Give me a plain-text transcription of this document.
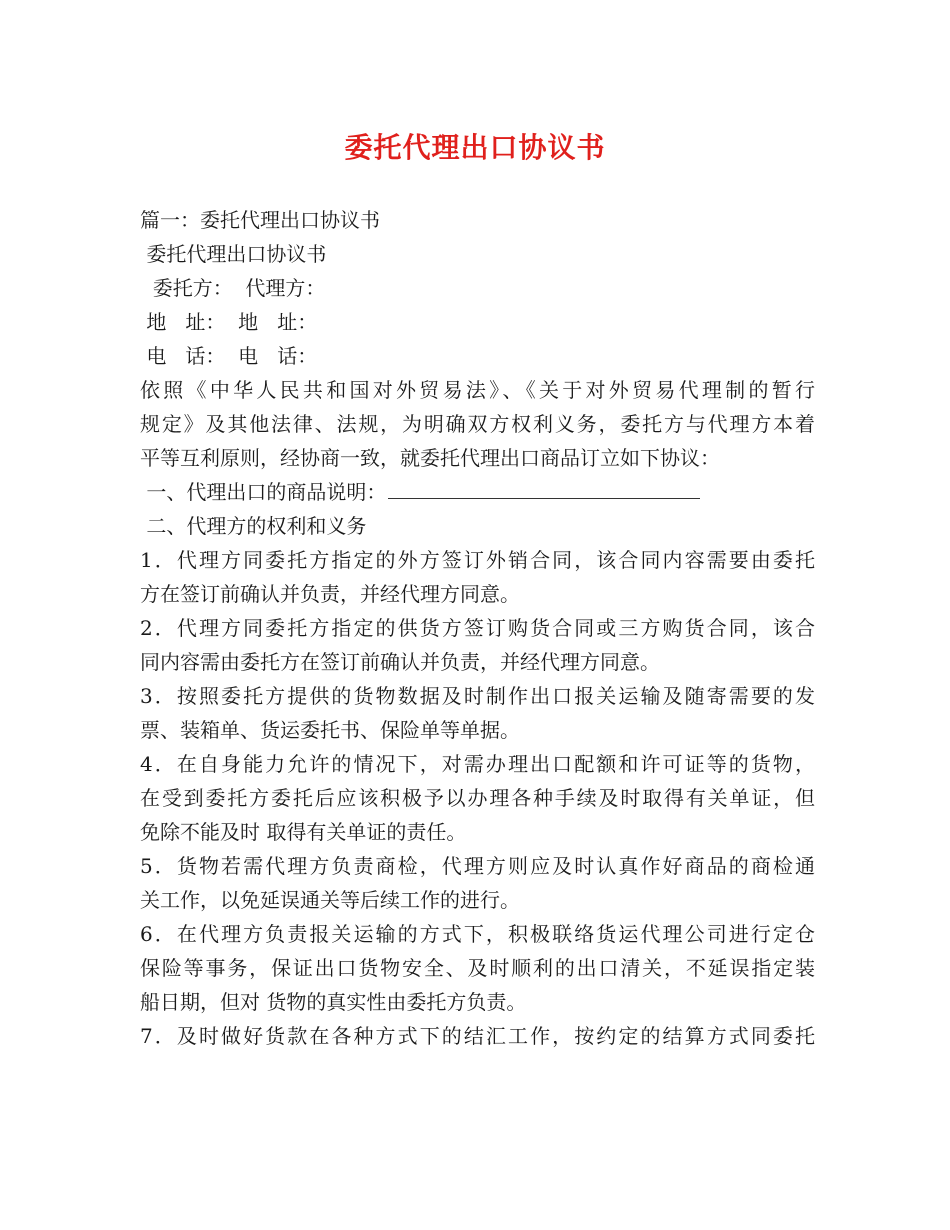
委托代理出口协议书
篇一：委托代理出口协议书
委托代理出口协议书
委托方：  代理方：
地   址：  地   址：
电   话：  电   话：
依照《中华人民共和国对外贸易法》、《关于对外贸易代理制的暂行
规定》及其他法律、法规，为明确双方权利义务，委托方与代理方本着
平等互利原则，经协商一致，就委托代理出口商品订立如下协议：
一、代理出口的商品说明：
二、代理方的权利和义务
1．代理方同委托方指定的外方签订外销合同，该合同内容需要由委托
方在签订前确认并负责，并经代理方同意。
2．代理方同委托方指定的供货方签订购货合同或三方购货合同，该合
同内容需由委托方在签订前确认并负责，并经代理方同意。
3．按照委托方提供的货物数据及时制作出口报关运输及随寄需要的发
票、装箱单、货运委托书、保险单等单据。
4．在自身能力允许的情况下，对需办理出口配额和许可证等的货物，
在受到委托方委托后应该积极予以办理各种手续及时取得有关单证，但
免除不能及时 取得有关单证的责任。
5．货物若需代理方负责商检，代理方则应及时认真作好商品的商检通
关工作，以免延误通关等后续工作的进行。
6．在代理方负责报关运输的方式下，积极联络货运代理公司进行定仓
保险等事务，保证出口货物安全、及时顺利的出口清关，不延误指定装
船日期，但对 货物的真实性由委托方负责。
7．及时做好货款在各种方式下的结汇工作，按约定的结算方式同委托
